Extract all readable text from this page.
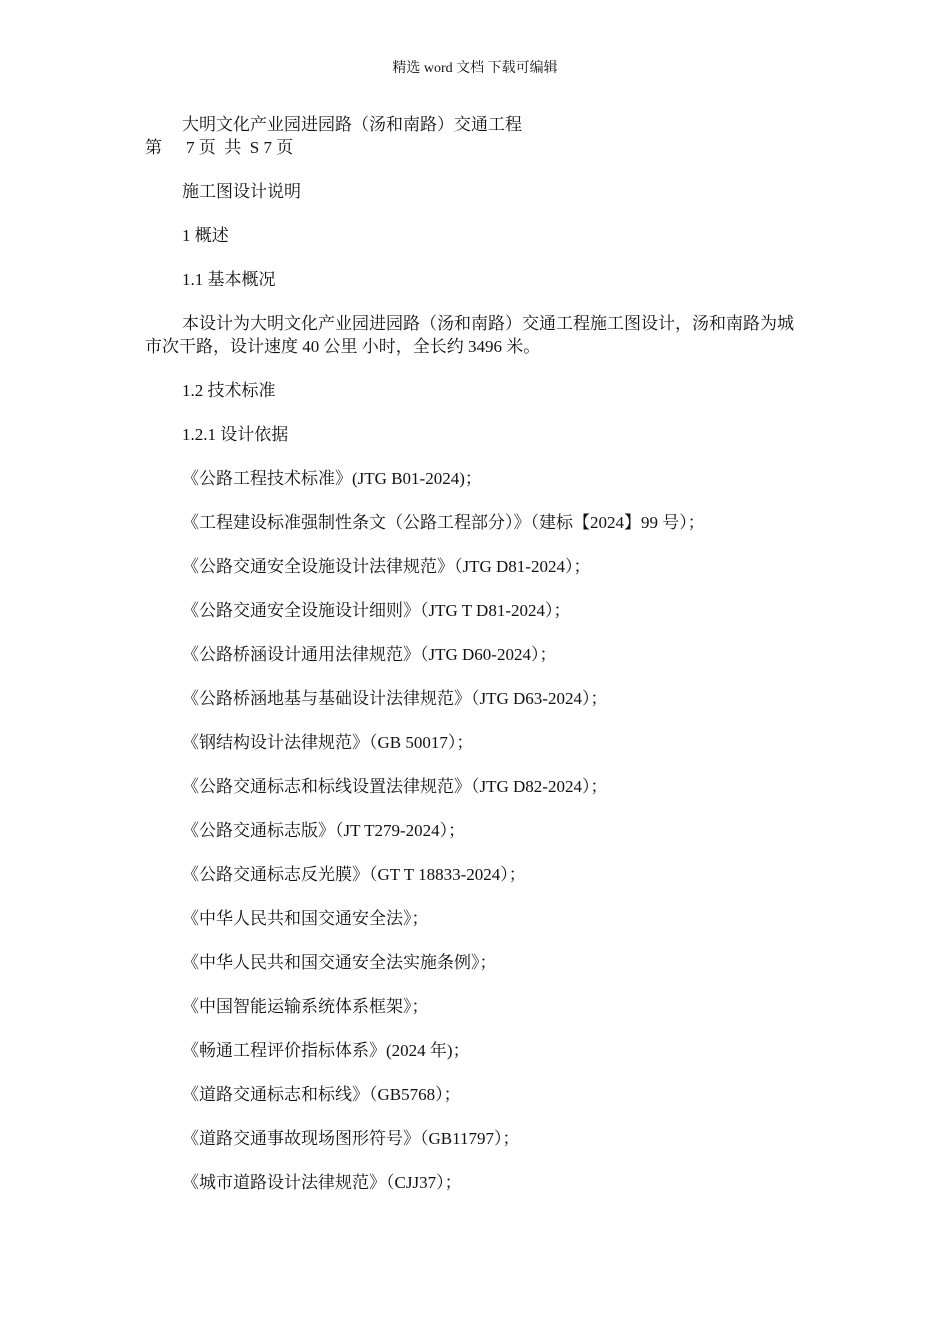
精选 word 文档 下载可编辑
大明文化产业园进园路（汤和南路）交通工程
第 7 页 共 S 7 页
施工图设计说明
1 概述
1.1 基本概况
本设计为大明文化产业园进园路（汤和南路）交通工程施工图设计，汤和南路为城市次干路，设计速度 40 公里 小时，全长约 3496 米。
1.2 技术标准
1.2.1 设计依据
《公路工程技术标准》(JTG B01-2024)；
《工程建设标准强制性条文（公路工程部分）》（建标【2024】99 号）；
《公路交通安全设施设计法律规范》（JTG D81-2024）；
《公路交通安全设施设计细则》（JTG T D81-2024）；
《公路桥涵设计通用法律规范》（JTG D60-2024）；
《公路桥涵地基与基础设计法律规范》（JTG D63-2024）；
《钢结构设计法律规范》（GB 50017）；
《公路交通标志和标线设置法律规范》（JTG D82-2024）；
《公路交通标志版》（JT T279-2024）；
《公路交通标志反光膜》（GT T 18833-2024）；
《中华人民共和国交通安全法》；
《中华人民共和国交通安全法实施条例》；
《中国智能运输系统体系框架》；
《畅通工程评价指标体系》(2024 年)；
《道路交通标志和标线》（GB5768）；
《道路交通事故现场图形符号》（GB11797）；
《城市道路设计法律规范》（CJJ37）；
